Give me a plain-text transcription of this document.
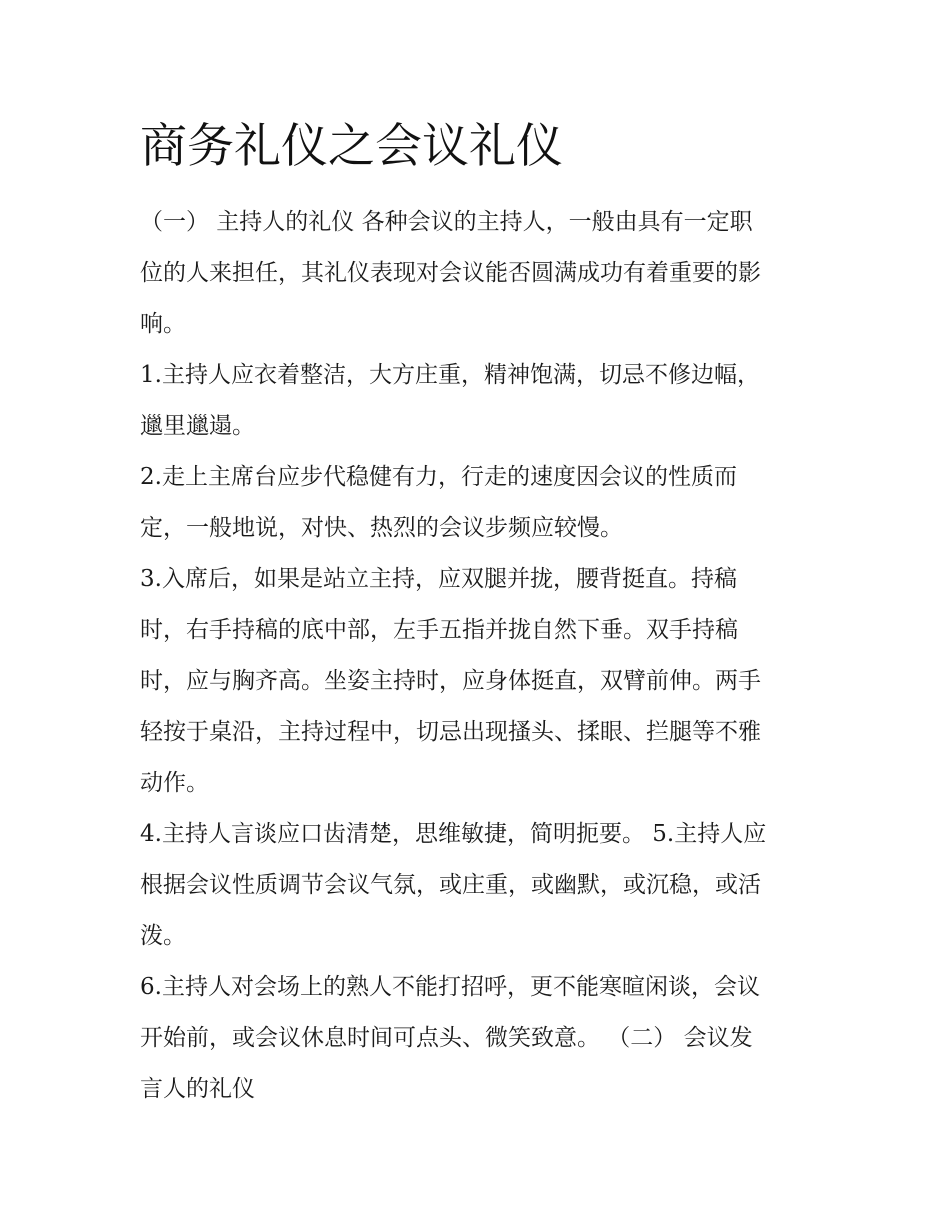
商务礼仪之会议礼仪

（一） 主持人的礼仪 各种会议的主持人，一般由具有一定职
位的人来担任，其礼仪表现对会议能否圆满成功有着重要的影
响。

1.主持人应衣着整洁，大方庄重，精神饱满，切忌不修边幅，
邋里邋遢。

2.走上主席台应步代稳健有力，行走的速度因会议的性质而
定，一般地说，对快、热烈的会议步频应较慢。

3.入席后，如果是站立主持，应双腿并拢，腰背挺直。持稿
时，右手持稿的底中部，左手五指并拢自然下垂。双手持稿
时，应与胸齐高。坐姿主持时，应身体挺直，双臂前伸。两手
轻按于桌沿，主持过程中，切忌出现搔头、揉眼、拦腿等不雅
动作。

4.主持人言谈应口齿清楚，思维敏捷，简明扼要。 5.主持人应
根据会议性质调节会议气氛，或庄重，或幽默，或沉稳，或活
泼。

6.主持人对会场上的熟人不能打招呼，更不能寒暄闲谈，会议
开始前，或会议休息时间可点头、微笑致意。 （二） 会议发
言人的礼仪
